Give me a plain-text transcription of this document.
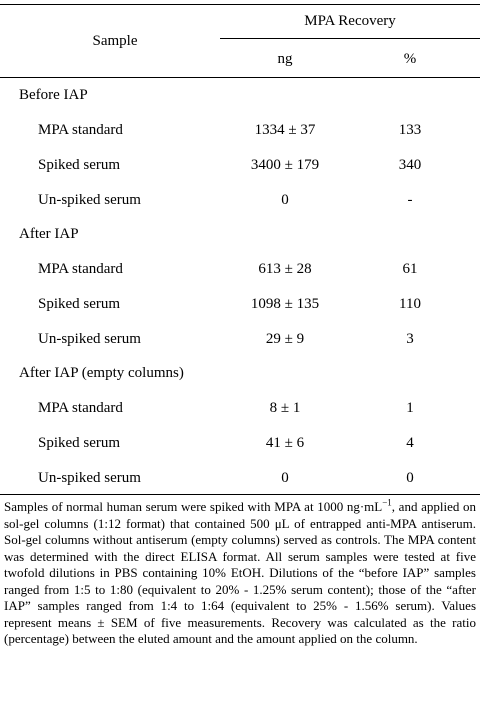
Sample
MPA Recovery
ng	%
Before IAP
MPA standard	1334 ± 37	133
Spiked serum	3400 ± 179	340
Un-spiked serum	0	-
After IAP
MPA standard	613 ± 28	61
Spiked serum	1098 ± 135	110
Un-spiked serum	29 ± 9	3
After IAP (empty columns)
MPA standard	8 ± 1	1
Spiked serum	41 ± 6	4
Un-spiked serum	0	0
Samples of normal human serum were spiked with MPA at 1000 $ng\cdot mL^{-1}$, and applied on sol-gel columns (1:12 format) that contained 500 μL of entrapped anti-MPA antiserum. Sol-gel columns without antiserum (empty columns) served as controls. The MPA content was determined with the direct ELISA format. All serum samples were tested at five twofold dilutions in PBS containing 10% EtOH. Dilutions of the “before IAP” samples ranged from 1:5 to 1:80 (equivalent to 20% - 1.25% serum content); those of the “after IAP” samples ranged from 1:4 to 1:64 (equivalent to 25% - 1.56% serum). Values represent means ± SEM of five measurements. Recovery was calculated as the ratio (percentage) between the eluted amount and the amount applied on the column.
